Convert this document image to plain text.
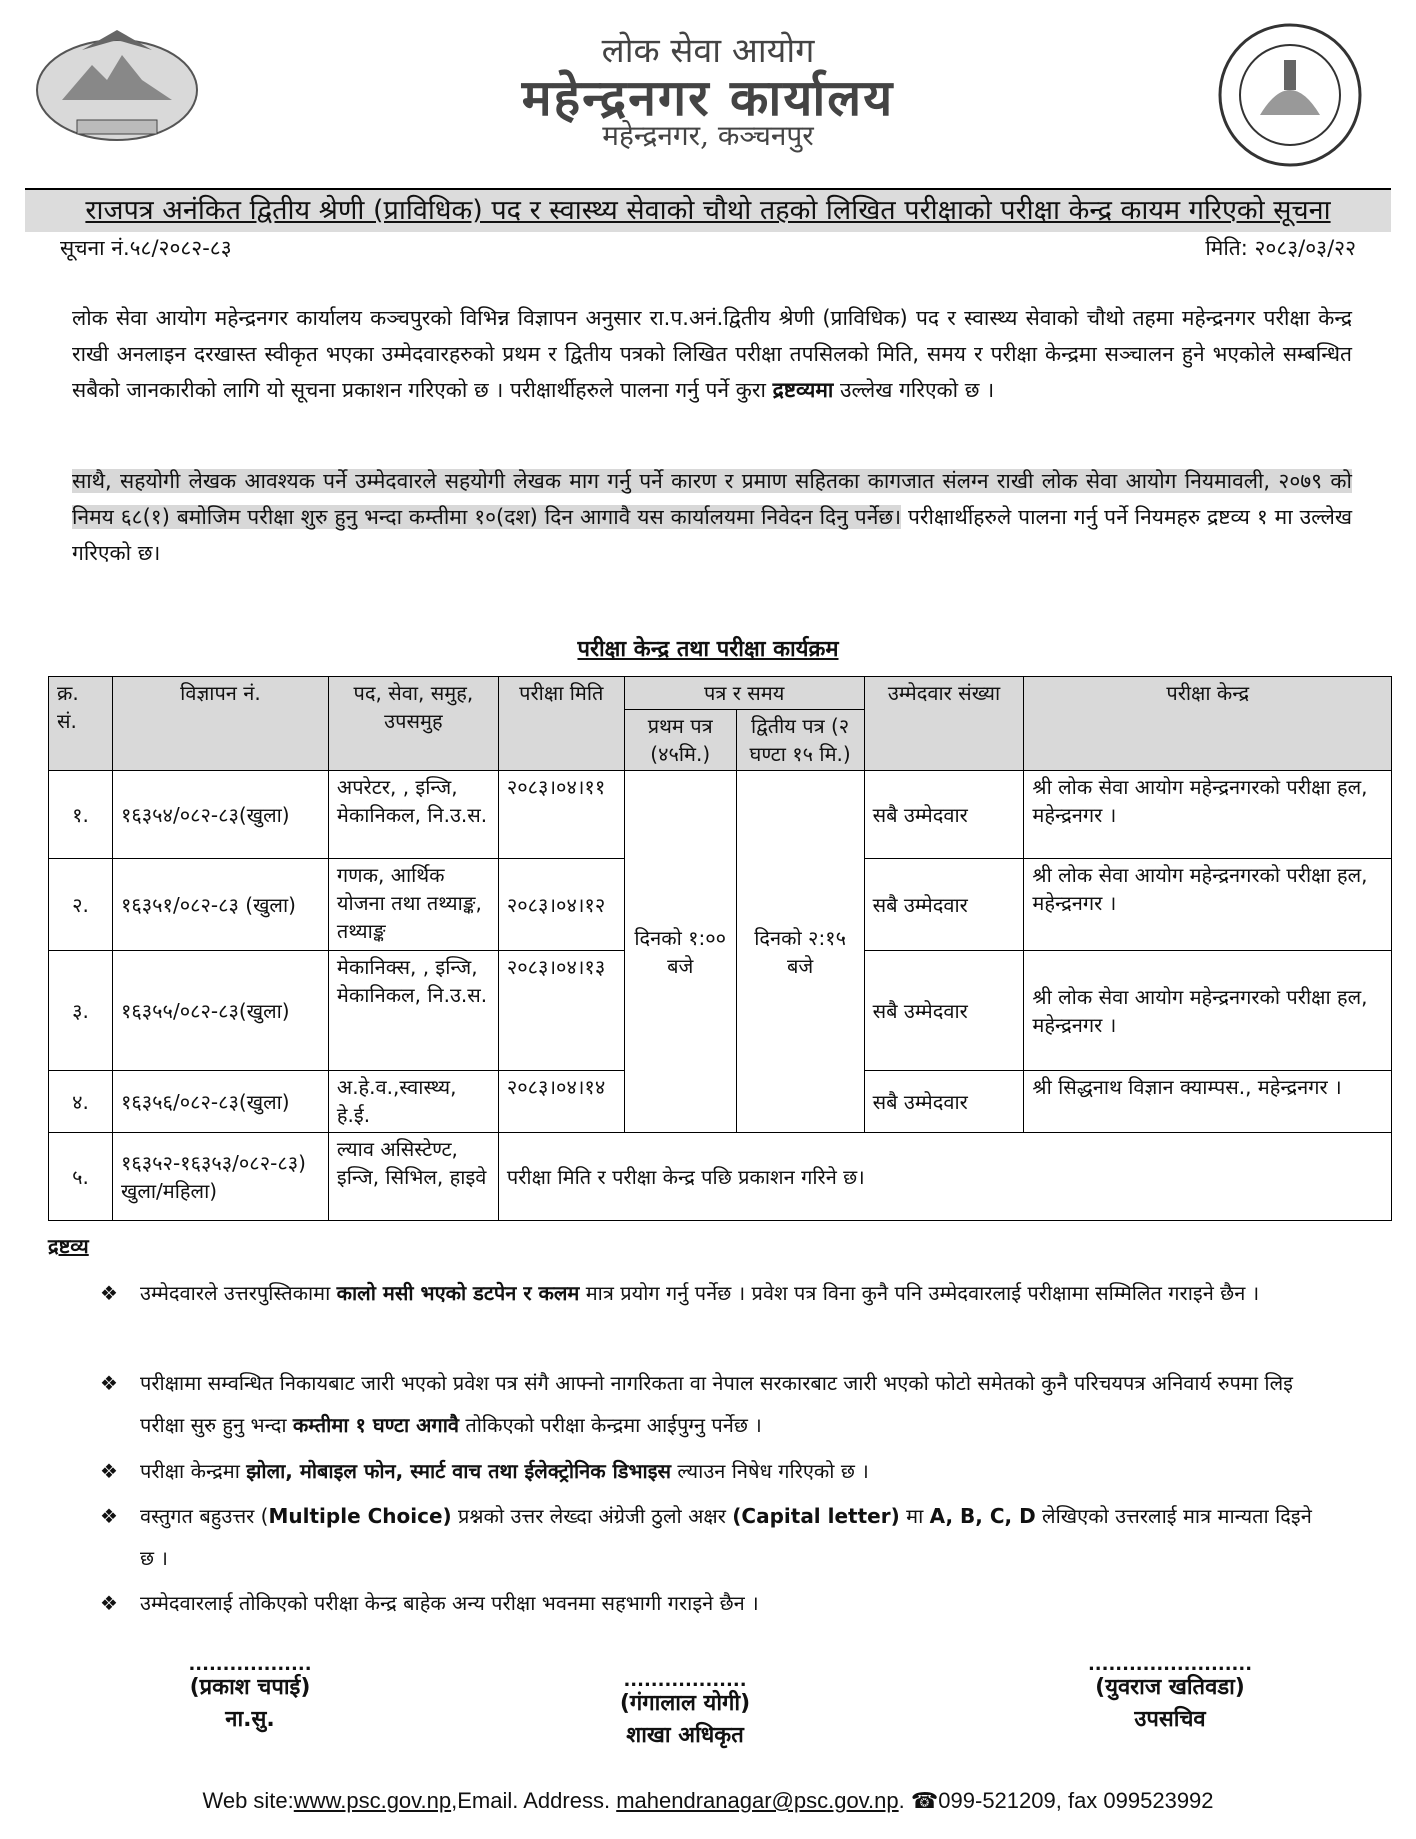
लोक सेवा आयोग
महेन्द्रनगर कार्यालय
महेन्द्रनगर, कञ्चनपुर
राजपत्र अनंकित द्वितीय श्रेणी (प्राविधिक) पद र स्वास्थ्य सेवाको चौथो तहको लिखित परीक्षाको परीक्षा केन्द्र कायम गरिएको सूचना
सूचना नं.५८/२०८२-८३	मिति: २०८३/०३/२२
लोक सेवा आयोग महेन्द्रनगर कार्यालय कञ्चपुरको विभिन्न विज्ञापन अनुसार रा.प.अनं.द्वितीय श्रेणी (प्राविधिक) पद र स्वास्थ्य सेवाको चौथो तहमा महेन्द्रनगर परीक्षा केन्द्र राखी अनलाइन दरखास्त स्वीकृत भएका उम्मेदवारहरुको प्रथम र द्वितीय पत्रको लिखित परीक्षा तपसिलको मिति, समय र परीक्षा केन्द्रमा सञ्चालन हुने भएकोले सम्बन्धित सबैको जानकारीको लागि यो सूचना प्रकाशन गरिएको छ । परीक्षार्थीहरुले पालना गर्नु पर्ने कुरा द्रष्टव्यमा उल्लेख गरिएको छ ।
साथै, सहयोगी लेखक आवश्यक पर्ने उम्मेदवारले सहयोगी लेखक माग गर्नु पर्ने कारण र प्रमाण सहितका कागजात संलग्न राखी लोक सेवा आयोग नियमावली, २०७९ को निमय ६८(१) बमोजिम परीक्षा शुरु हुनु भन्दा कम्तीमा १०(दश) दिन आगावै यस कार्यालयमा निवेदन दिनु पर्नेछ। परीक्षार्थीहरुले पालना गर्नु पर्ने नियमहरु द्रष्टव्य १ मा उल्लेख गरिएको छ।
परीक्षा केन्द्र तथा परीक्षा कार्यक्रम
क्र. सं.	विज्ञापन नं.	पद, सेवा, समुह, उपसमुह	परीक्षा मिति	पत्र र समय		उम्मेदवार संख्या	परीक्षा केन्द्र
				प्रथम पत्र (४५मि.)	द्वितीय पत्र (२ घण्टा १५ मि.)		
१.	१६३५४/०८२-८३(खुला)	अपरेटर, , इन्जि, मेकानिकल, नि.उ.स.	२०८३।०४।११	दिनको १:०० बजे	दिनको २:१५ बजे	सबै उम्मेदवार	श्री लोक सेवा आयोग महेन्द्रनगरको परीक्षा हल, महेन्द्रनगर ।
२.	१६३५१/०८२-८३ (खुला)	गणक, आर्थिक योजना तथा तथ्याङ्क, तथ्याङ्क	२०८३।०४।१२			सबै उम्मेदवार	श्री लोक सेवा आयोग महेन्द्रनगरको परीक्षा हल, महेन्द्रनगर ।
३.	१६३५५/०८२-८३(खुला)	मेकानिक्स, , इन्जि, मेकानिकल, नि.उ.स.	२०८३।०४।१३			सबै उम्मेदवार	श्री लोक सेवा आयोग महेन्द्रनगरको परीक्षा हल, महेन्द्रनगर ।
४.	१६३५६/०८२-८३(खुला)	अ.हे.व.,स्वास्थ्य, हे.ई.	२०८३।०४।१४			सबै उम्मेदवार	श्री सिद्धनाथ विज्ञान क्याम्पस., महेन्द्रनगर ।
५.	१६३५२-१६३५३/०८२-८३) खुला/महिला)	ल्याव असिस्टेण्ट, इन्जि, सिभिल, हाइवे	परीक्षा मिति र परीक्षा केन्द्र पछि प्रकाशन गरिने छ।				
द्रष्टव्य
❖ उम्मेदवारले उत्तरपुस्तिकामा कालो मसी भएको डटपेन र कलम मात्र प्रयोग गर्नु पर्नेछ । प्रवेश पत्र विना कुनै पनि उम्मेदवारलाई परीक्षामा सम्मिलित गराइने छैन ।
❖ परीक्षामा सम्वन्धित निकायबाट जारी भएको प्रवेश पत्र संगै आफ्नो नागरिकता वा नेपाल सरकारबाट जारी भएको फोटो समेतको कुनै परिचयपत्र अनिवार्य रुपमा लिइ परीक्षा सुरु हुनु भन्दा कम्तीमा १ घण्टा अगावै तोकिएको परीक्षा केन्द्रमा आईपुग्नु पर्नेछ ।
❖ परीक्षा केन्द्रमा झोला, मोबाइल फोन, स्मार्ट वाच तथा ईलेक्ट्रोनिक डिभाइस ल्याउन निषेध गरिएको छ ।
❖ वस्तुगत बहुउत्तर (Multiple Choice) प्रश्नको उत्तर लेख्दा अंग्रेजी ठुलो अक्षर (Capital letter) मा A, B, C, D लेखिएको उत्तरलाई मात्र मान्यता दिइने छ ।
❖ उम्मेदवारलाई तोकिएको परीक्षा केन्द्र बाहेक अन्य परीक्षा भवनमा सहभागी गराइने छैन ।
..................
(प्रकाश चपाई)
ना.सु.
..................
(गंगालाल योगी)
शाखा अधिकृत
........................
(युवराज खतिवडा)
उपसचिव
Web site:www.psc.gov.np,Email. Address. mahendranagar@psc.gov.np. ☎099-521209, fax 099523992
